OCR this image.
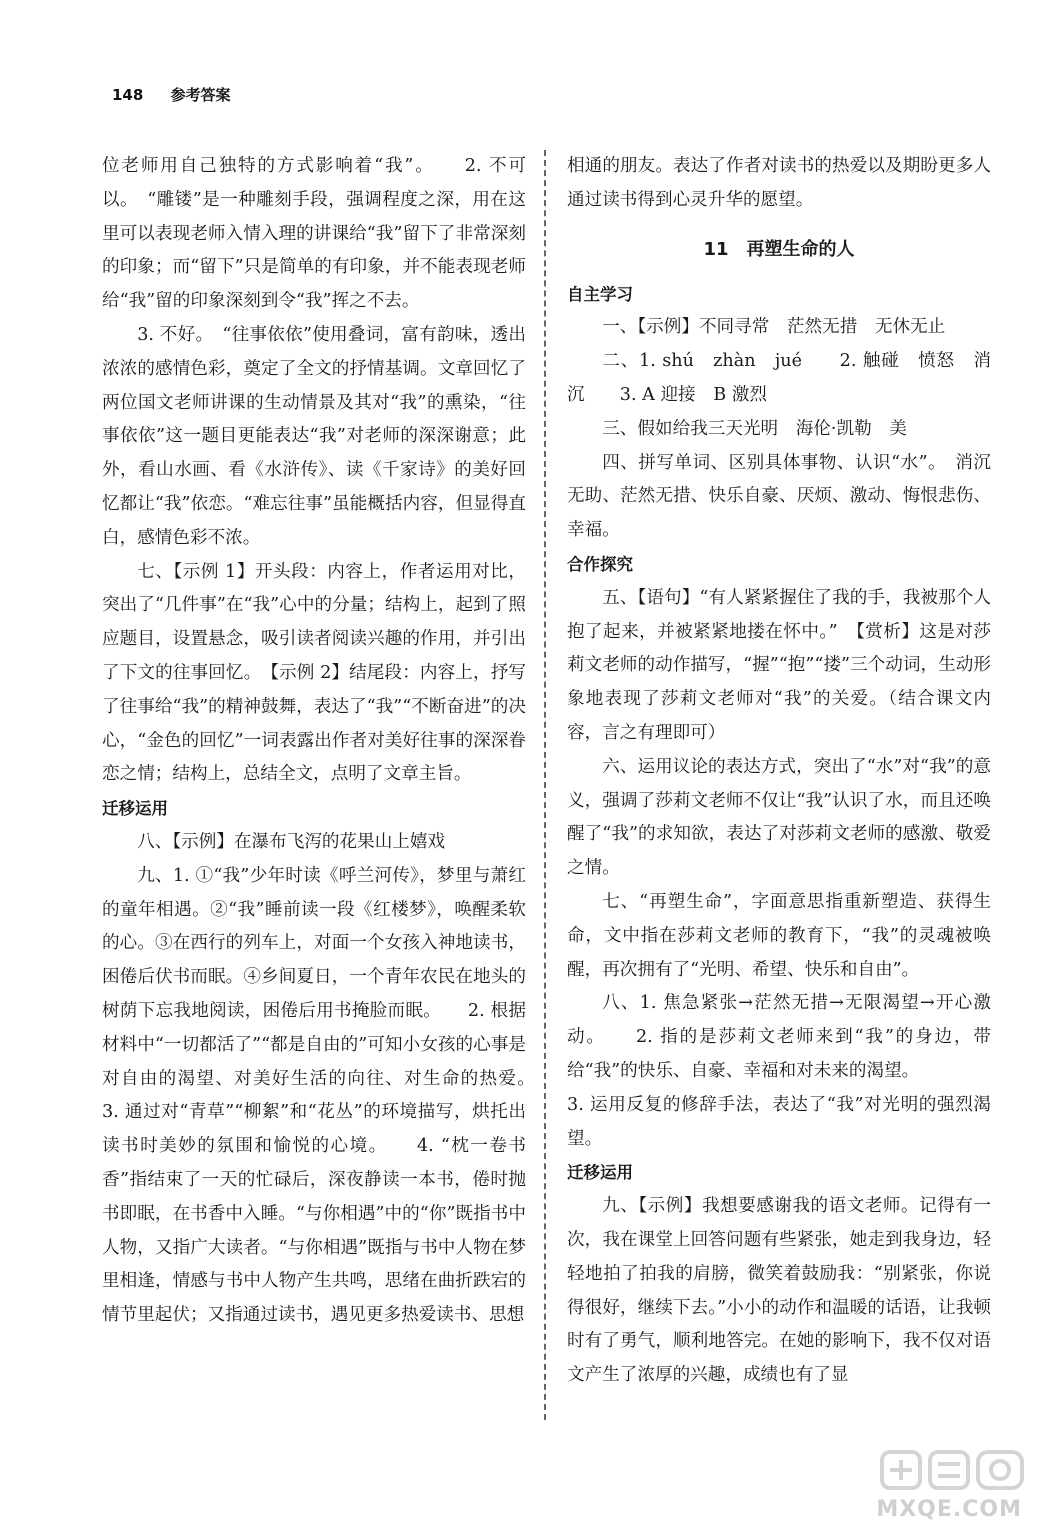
148 参考答案
位老师用自己独特的方式影响着“我”。　　2. 不可以。　“雕镂”是一种雕刻手段，强调程度之深，用在这里可以表现老师入情入理的讲课给“我”留下了非常深刻的印象；而“留下”只是简单的有印象，并不能表现老师给“我”留的印象深刻到令“我”挥之不去。
3. 不好。　“往事依依”使用叠词，富有韵味，透出浓浓的感情色彩，奠定了全文的抒情基调。文章回忆了两位国文老师讲课的生动情景及其对“我”的熏染，“往事依依”这一题目更能表达“我”对老师的深深谢意；此外，看山水画、看《水浒传》、读《千家诗》的美好回忆都让“我”依恋。“难忘往事”虽能概括内容，但显得直白，感情色彩不浓。
七、【示例 1】开头段：内容上，作者运用对比，突出了“几件事”在“我”心中的分量；结构上，起到了照应题目，设置悬念，吸引读者阅读兴趣的作用，并引出了下文的往事回忆。　【示例 2】结尾段：内容上，抒写了往事给“我”的精神鼓舞，表达了“我”“不断奋进”的决心，“金色的回忆”一词表露出作者对美好往事的深深眷恋之情；结构上，总结全文，点明了文章主旨。
迁移运用
八、【示例】在瀑布飞泻的花果山上嬉戏
九、1. ①“我”少年时读《呼兰河传》，梦里与萧红的童年相遇。②“我”睡前读一段《红楼梦》，唤醒柔软的心。③在西行的列车上，对面一个女孩入神地读书，困倦后伏书而眠。④乡间夏日，一个青年农民在地头的树荫下忘我地阅读，困倦后用书掩脸而眠。　　2. 根据材料中“一切都活了”“都是自由的”可知小女孩的心事是对自由的渴望、对美好生活的向往、对生命的热爱。　　3. 通过对“青草”“柳絮”和“花丛”的环境描写，烘托出读书时美妙的氛围和愉悦的心境。　　4. “枕一卷书香”指结束了一天的忙碌后，深夜静读一本书，倦时抛书即眠，在书香中入睡。“与你相遇”中的“你”既指书中人物，又指广大读者。“与你相遇”既指与书中人物在梦里相逢，情感与书中人物产生共鸣，思绪在曲折跌宕的情节里起伏；又指通过读书，遇见更多热爱读书、思想
相通的朋友。表达了作者对读书的热爱以及期盼更多人通过读书得到心灵升华的愿望。
11　再塑生命的人
自主学习
一、【示例】不同寻常　茫然无措　无休无止
二、1. shú　zhàn　jué　　2. 触碰　愤怒　消沉　　3. A 迎接　B 激烈
三、假如给我三天光明　海伦·凯勒　美
四、拼写单词、区别具体事物、认识“水”。　消沉无助、茫然无措、快乐自豪、厌烦、激动、悔恨悲伤、幸福。
合作探究
五、【语句】“有人紧紧握住了我的手，我被那个人抱了起来，并被紧紧地搂在怀中。”　【赏析】这是对莎莉文老师的动作描写，“握”“抱”“搂”三个动词，生动形象地表现了莎莉文老师对“我”的关爱。（结合课文内容，言之有理即可）
六、运用议论的表达方式，突出了“水”对“我”的意义，强调了莎莉文老师不仅让“我”认识了水，而且还唤醒了“我”的求知欲，表达了对莎莉文老师的感激、敬爱之情。
七、“再塑生命”，字面意思指重新塑造、获得生命，文中指在莎莉文老师的教育下，“我”的灵魂被唤醒，再次拥有了“光明、希望、快乐和自由”。
八、1. 焦急紧张→茫然无措→无限渴望→开心激动。　　2. 指的是莎莉文老师来到“我”的身边，带给“我”的快乐、自豪、幸福和对未来的渴望。
3. 运用反复的修辞手法，表达了“我”对光明的强烈渴望。
迁移运用
九、【示例】我想要感谢我的语文老师。记得有一次，我在课堂上回答问题有些紧张，她走到我身边，轻轻地拍了拍我的肩膀，微笑着鼓励我：“别紧张，你说得很好，继续下去。”小小的动作和温暖的话语，让我顿时有了勇气，顺利地答完。在她的影响下，我不仅对语文产生了浓厚的兴趣，成绩也有了显
MXQE.COM
